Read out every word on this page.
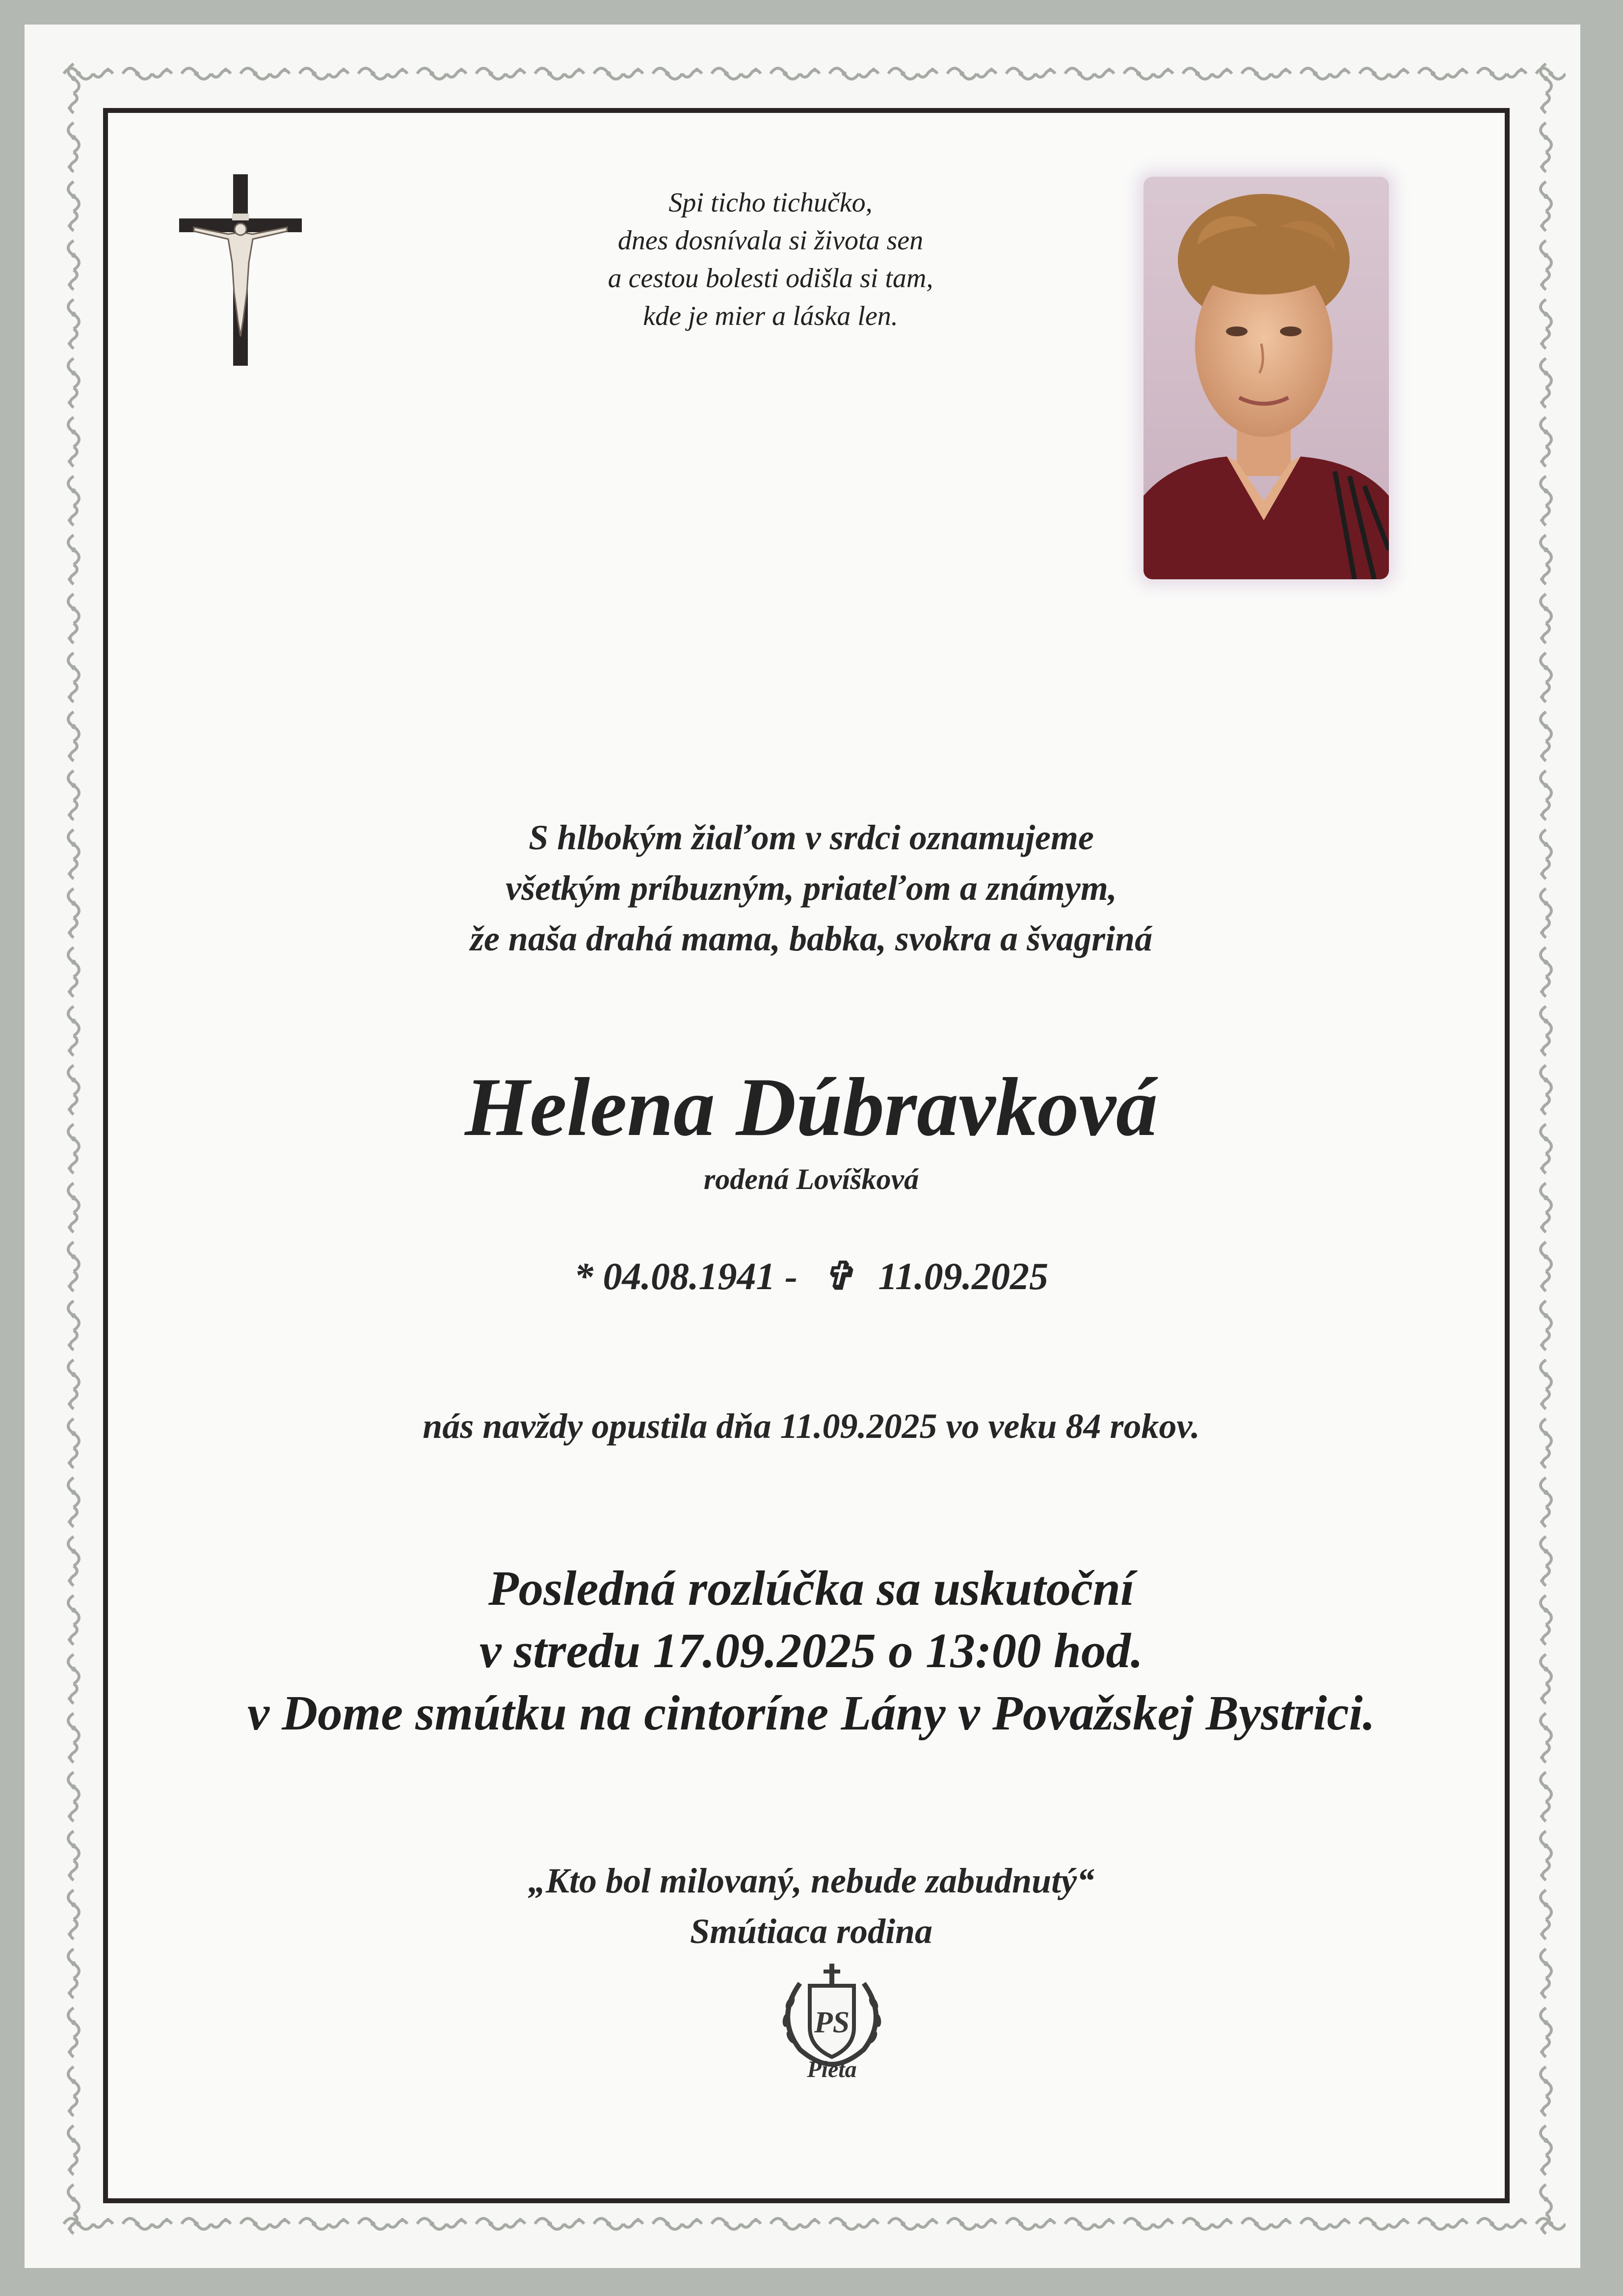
Spi ticho tichučko,
dnes dosnívala si života sen
a cestou bolesti odišla si tam,
kde je mier a láska len.
S hlbokým žiaľom v srdci oznamujeme
všetkým príbuzným, priateľom a známym,
že naša drahá mama, babka, svokra a švagriná
Helena Dúbravková
rodená Lovíšková
* 04.08.1941 - ✞ 11.09.2025
nás navždy opustila dňa 11.09.2025 vo veku 84 rokov.
Posledná rozlúčka sa uskutoční
v stredu 17.09.2025 o 13:00 hod.
v Dome smútku na cintoríne Lány v Považskej Bystrici.
„Kto bol milovaný, nebude zabudnutý“
Smútiaca rodina
PS
Pieta
